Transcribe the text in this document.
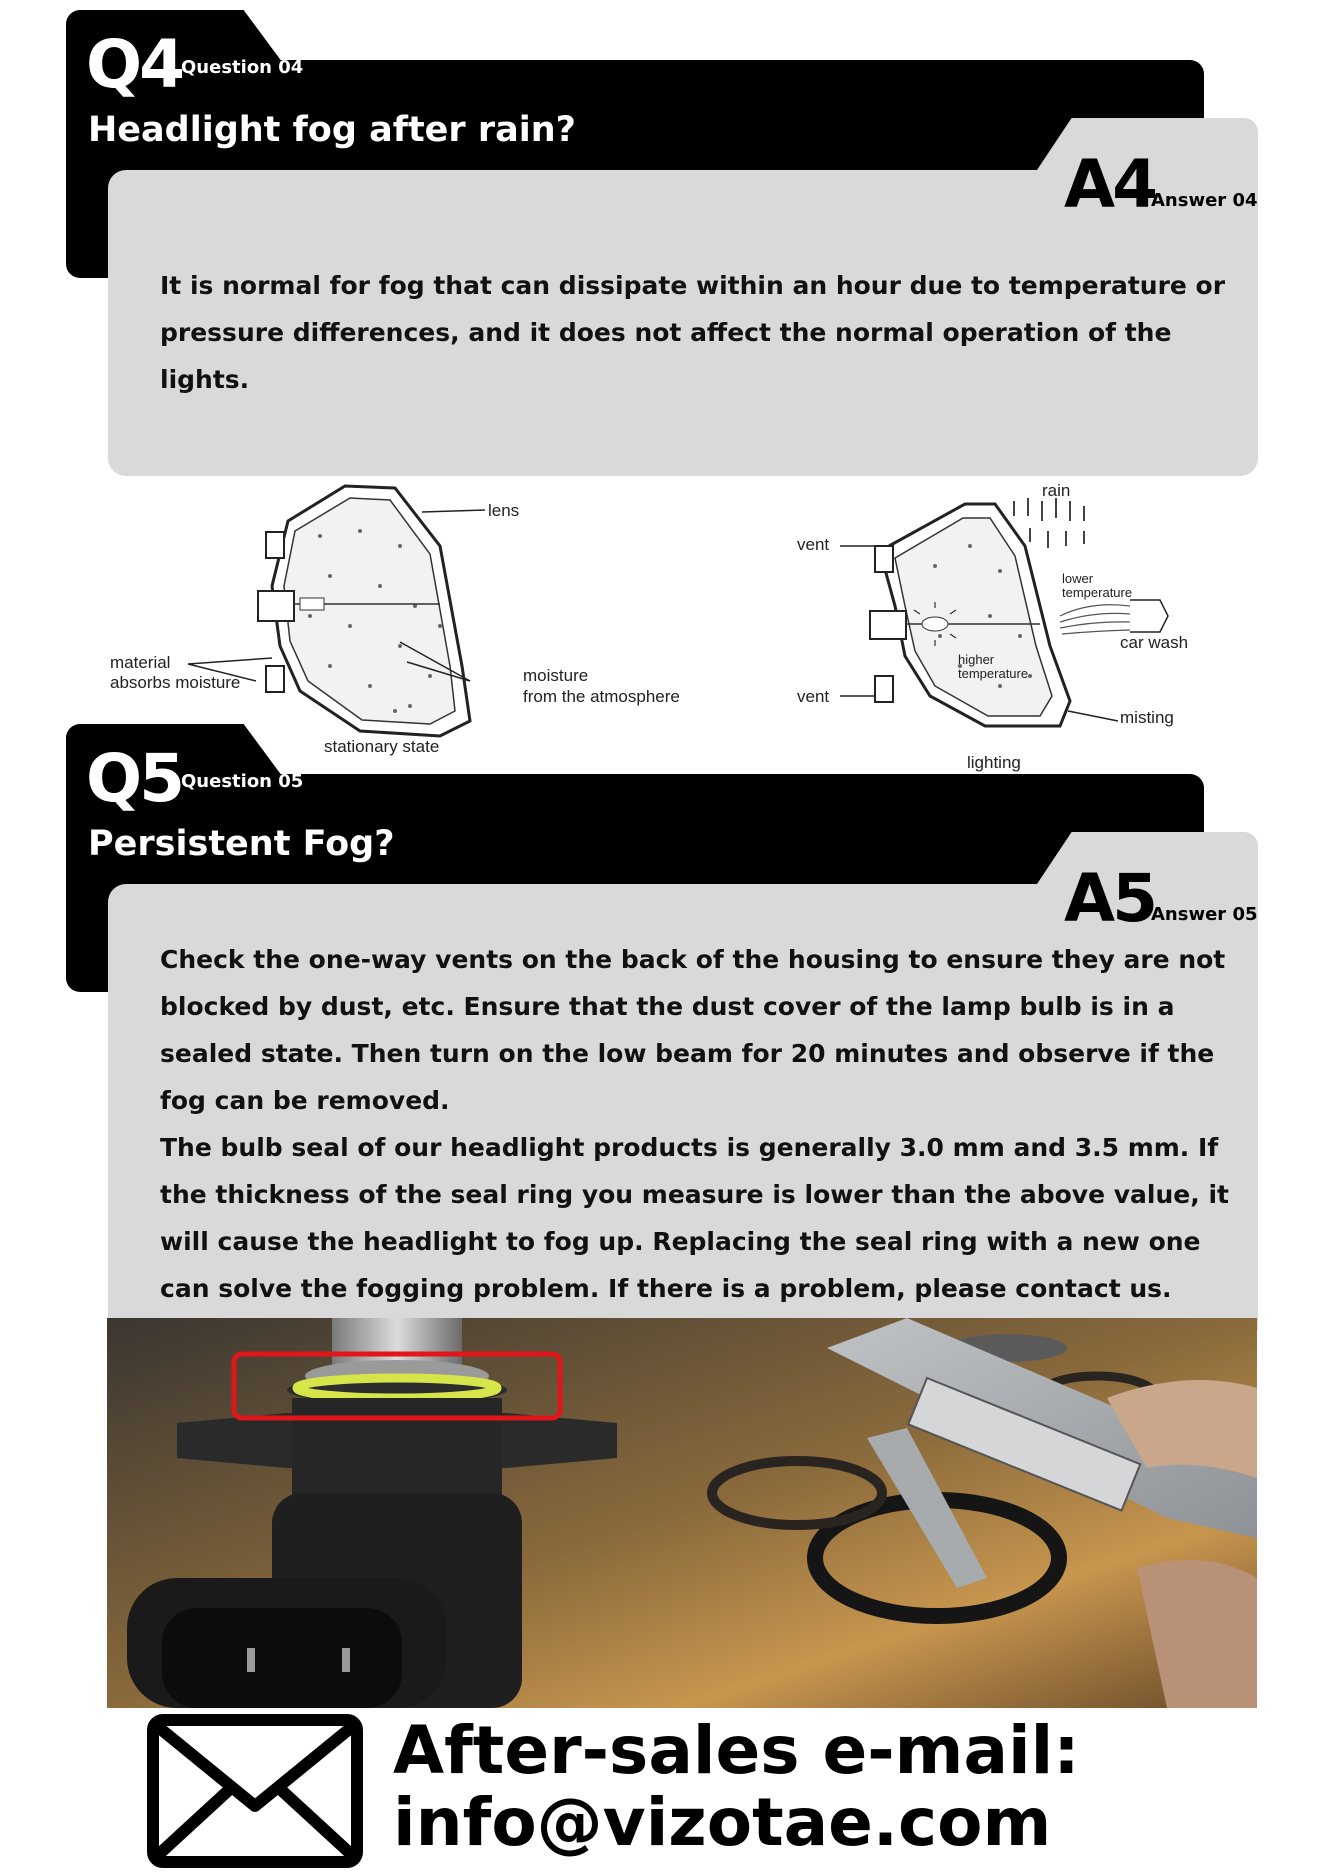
Q4
Question 04
Headlight fog after rain?
A4
Answer 04

It is normal for fog that can dissipate within an hour due to temperature or pressure differences, and it does not affect the normal operation of the lights.

lens
material
absorbs moisture	moisture
from the atmosphere
stationary state
rain
vent
vent
lower
temperature
car wash
higher
temperature
misting
lighting
Q5
Question 05
Persistent Fog?
A5
Answer 05

Check the one-way vents on the back of the housing to ensure they are not blocked by dust, etc. Ensure that the dust cover of the lamp bulb is in a sealed state. Then turn on the low beam for 20 minutes and observe if the fog can be removed.

The bulb seal of our headlight products is generally 3.0 mm and 3.5 mm. If the thickness of the seal ring you measure is lower than the above value, it will cause the headlight to fog up. Replacing the seal ring with a new one can solve the fogging problem. If there is a problem, please contact us.

After-sales e-mail:
info@vizotae.com
